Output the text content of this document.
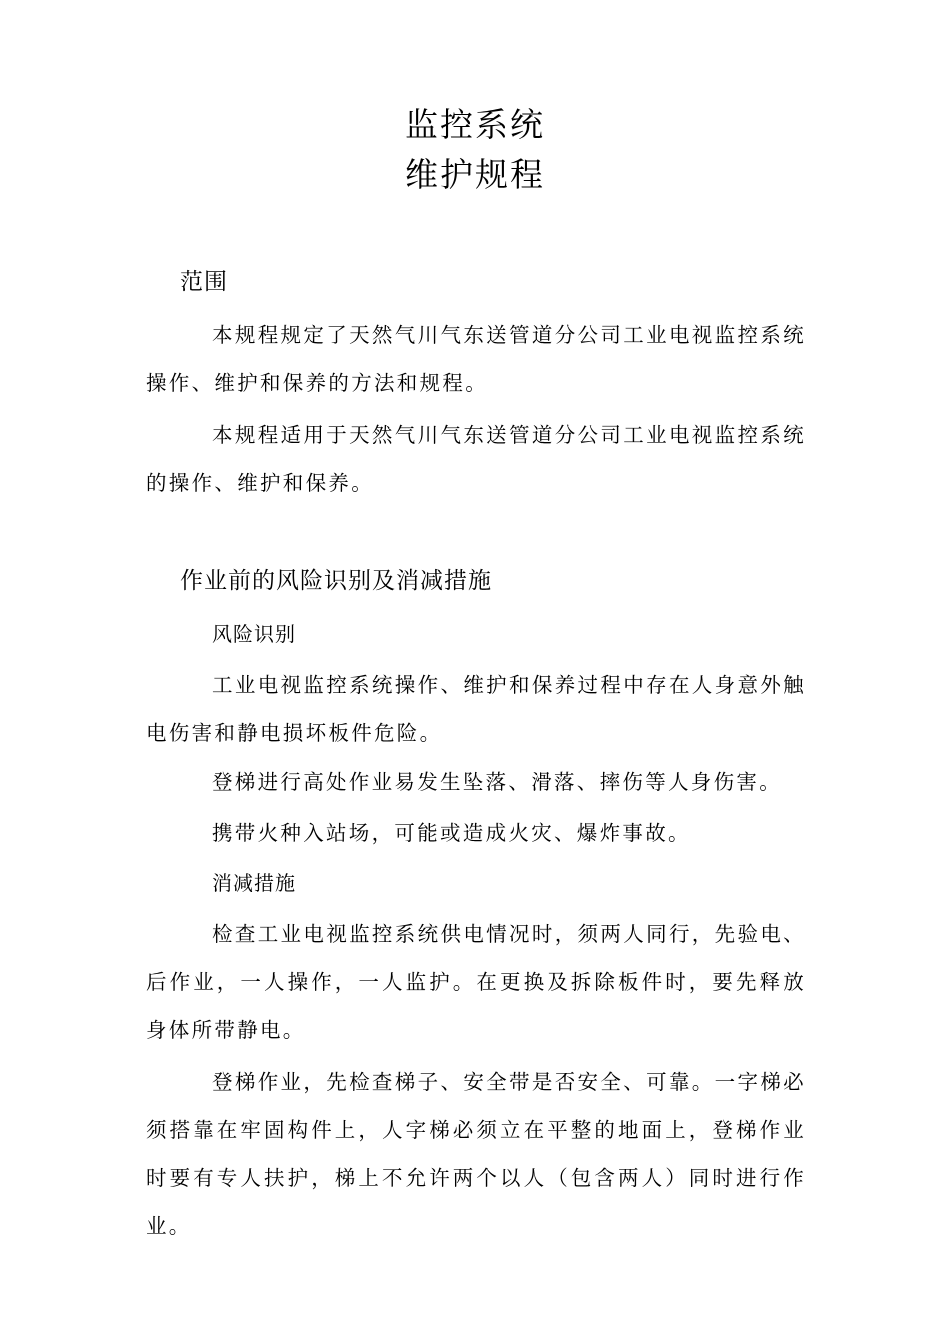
监控系统
维护规程
范围
本规程规定了天然气川气东送管道分公司工业电视监控系统操作、维护和保养的方法和规程。
本规程适用于天然气川气东送管道分公司工业电视监控系统的操作、维护和保养。
作业前的风险识别及消减措施
风险识别
工业电视监控系统操作、维护和保养过程中存在人身意外触电伤害和静电损坏板件危险。
登梯进行高处作业易发生坠落、滑落、摔伤等人身伤害。
携带火种入站场，可能或造成火灾、爆炸事故。
消减措施
检查工业电视监控系统供电情况时，须两人同行，先验电、后作业，一人操作，一人监护。在更换及拆除板件时，要先释放身体所带静电。
登梯作业，先检查梯子、安全带是否安全、可靠。一字梯必须搭靠在牢固构件上，人字梯必须立在平整的地面上，登梯作业时要有专人扶护，梯上不允许两个以人（包含两人）同时进行作业。
